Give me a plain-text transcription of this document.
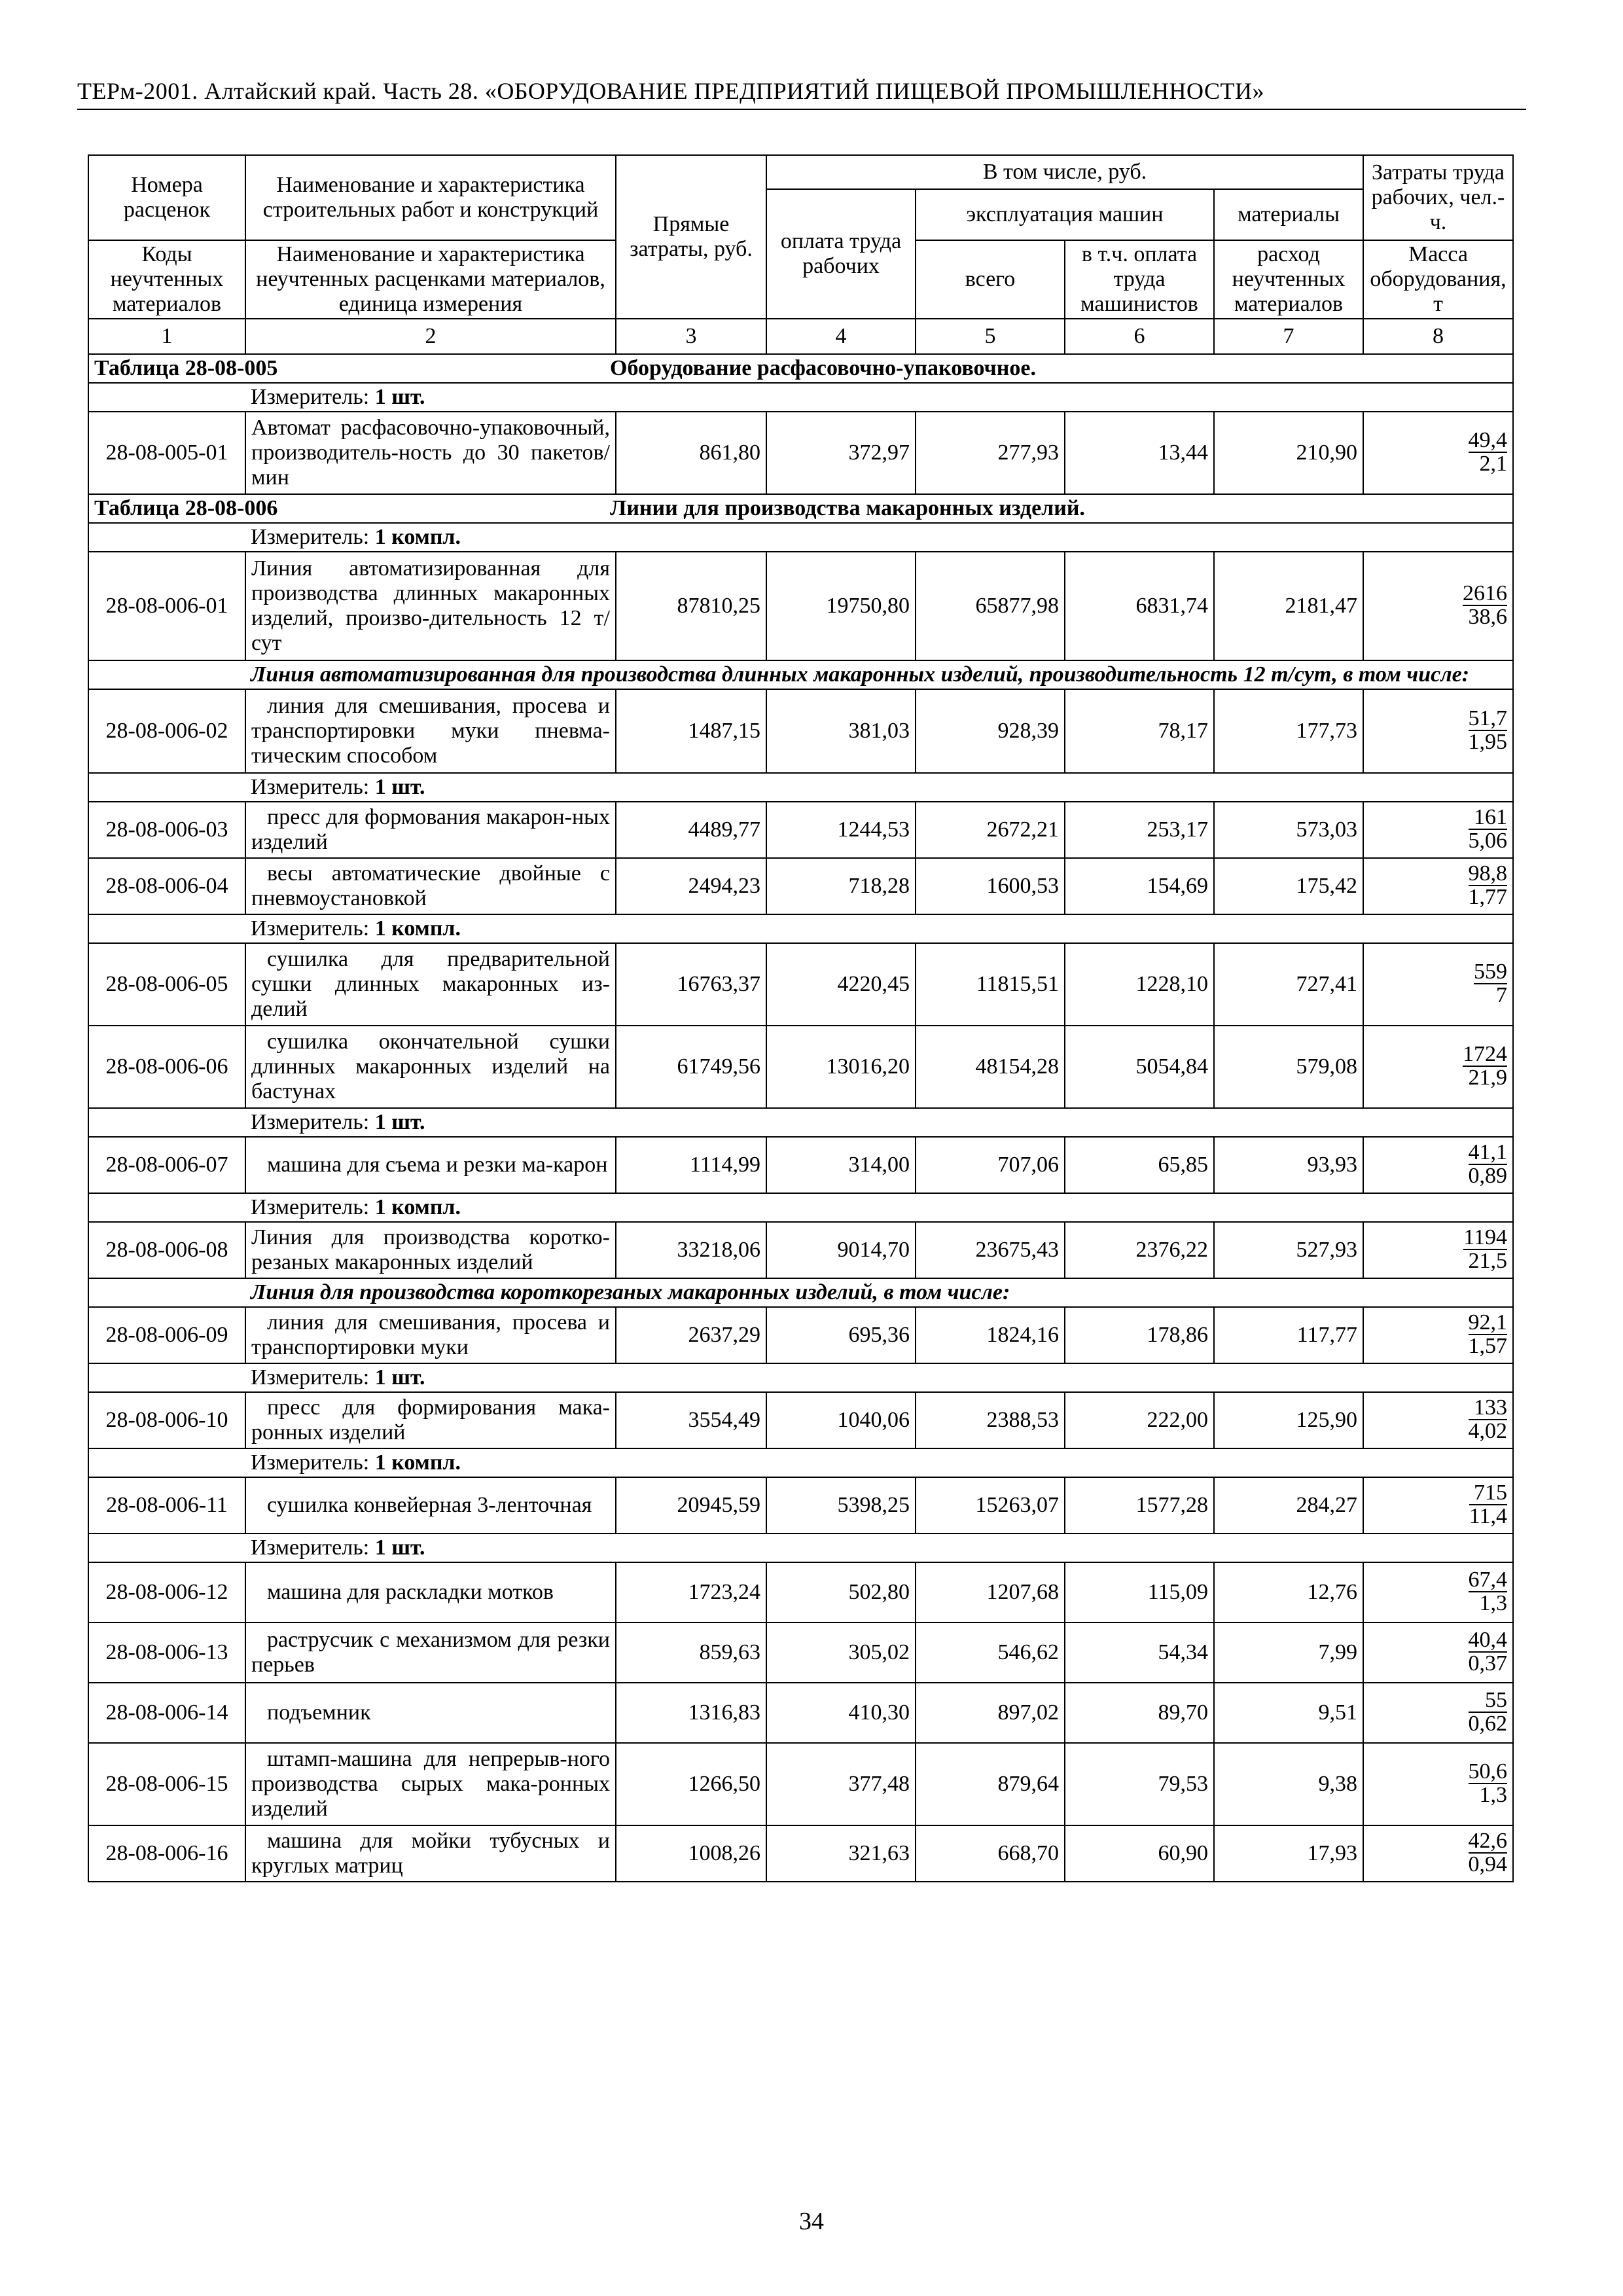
ТЕРм-2001. Алтайский край. Часть 28. «ОБОРУДОВАНИЕ ПРЕДПРИЯТИЙ ПИЩЕВОЙ ПРОМЫШЛЕННОСТИ»
Номера расценок	Наименование и характеристика строительных работ и конструкций	Прямые затраты, руб.	В том числе, руб.				Затраты труда рабочих, чел.-ч.
			оплата труда рабочих	эксплуатация машин		материалы	
Коды неучтенных материалов	Наименование и характеристика неучтенных расценками материалов, единица измерения			всего	в т.ч. оплата труда машинистов	расход неучтенных материалов	Масса оборудования, т
1	2	3	4	5	6	7	8
Таблица 28-08-005 Оборудование расфасовочно-упаковочное.							
	Измеритель: 1 шт.						
28-08-005-01	Автомат расфасовочно-упаковочный, производитель-ность до 30 пакетов/мин	861,80	372,97	277,93	13,44	210,90	$\frac{49,4}{2,1}$

Таблица 28-08-006 Линии для производства макаронных изделий.							
	Измеритель: 1 компл.						
28-08-006-01	Линия автоматизированная для производства длинных макаронных изделий, произво-дительность 12 т/сут	87810,25	19750,80	65877,98	6831,74	2181,47	$\frac{2616}{38,6}$

	Линия автоматизированная для производства длинных макаронных изделий, производительность 12 т/сут, в том числе:						
28-08-006-02	линия для смешивания, просева и транспортировки муки пневма-тическим способом	1487,15	381,03	928,39	78,17	177,73	$\frac{51,7}{1,95}$

	Измеритель: 1 шт.						
28-08-006-03	пресс для формования макарон-ных изделий	4489,77	1244,53	2672,21	253,17	573,03	$\frac{161}{5,06}$

28-08-006-04	весы автоматические двойные с пневмоустановкой	2494,23	718,28	1600,53	154,69	175,42	$\frac{98,8}{1,77}$

	Измеритель: 1 компл.						
28-08-006-05	сушилка для предварительной сушки длинных макаронных из-делий	16763,37	4220,45	11815,51	1228,10	727,41	$\frac{559}{7}$

28-08-006-06	сушилка окончательной сушки длинных макаронных изделий на бастунах	61749,56	13016,20	48154,28	5054,84	579,08	$\frac{1724}{21,9}$

	Измеритель: 1 шт.						
28-08-006-07	машина для съема и резки ма-карон	1114,99	314,00	707,06	65,85	93,93	$\frac{41,1}{0,89}$

	Измеритель: 1 компл.						
28-08-006-08	Линия для производства коротко-резаных макаронных изделий	33218,06	9014,70	23675,43	2376,22	527,93	$\frac{1194}{21,5}$

	Линия для производства короткорезаных макаронных изделий, в том числе:						
28-08-006-09	линия для смешивания, просева и транспортировки муки	2637,29	695,36	1824,16	178,86	117,77	$\frac{92,1}{1,57}$

	Измеритель: 1 шт.						
28-08-006-10	пресс для формирования мака-ронных изделий	3554,49	1040,06	2388,53	222,00	125,90	$\frac{133}{4,02}$

	Измеритель: 1 компл.						
28-08-006-11	сушилка конвейерная 3-ленточная	20945,59	5398,25	15263,07	1577,28	284,27	$\frac{715}{11,4}$

	Измеритель: 1 шт.						
28-08-006-12	машина для раскладки мотков	1723,24	502,80	1207,68	115,09	12,76	$\frac{67,4}{1,3}$

28-08-006-13	раструсчик с механизмом для резки перьев	859,63	305,02	546,62	54,34	7,99	$\frac{40,4}{0,37}$

28-08-006-14	подъемник	1316,83	410,30	897,02	89,70	9,51	$\frac{55}{0,62}$

28-08-006-15	штамп-машина для непрерыв-ного производства сырых мака-ронных изделий	1266,50	377,48	879,64	79,53	9,38	$\frac{50,6}{1,3}$

28-08-006-16	машина для мойки тубусных и круглых матриц	1008,26	321,63	668,70	60,90	17,93	$\frac{42,6}{0,94}$
34
